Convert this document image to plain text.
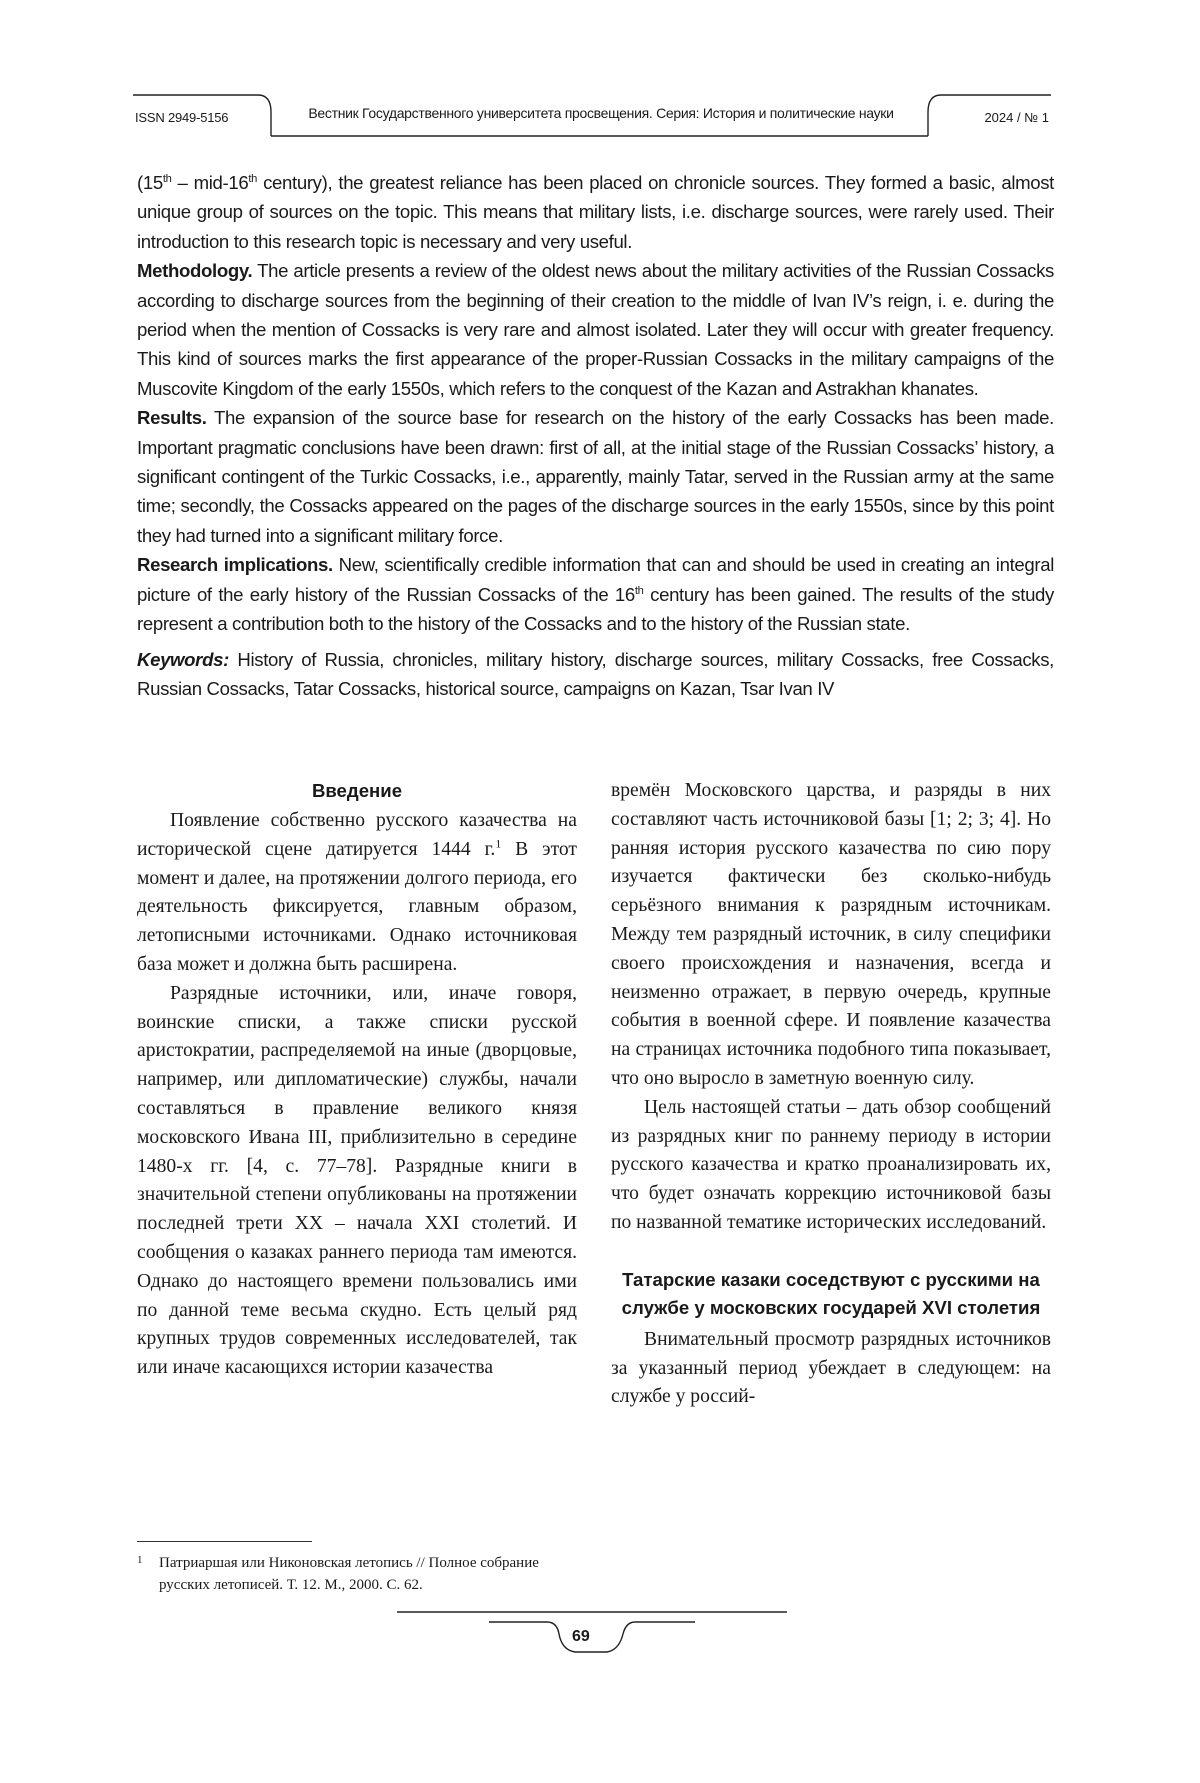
ISSN 2949-5156	Вестник Государственного университета просвещения. Серия: История и политические науки	2024 / № 1

(15th – mid-16th century), the greatest reliance has been placed on chronicle sources. They formed a basic, almost unique group of sources on the topic. This means that military lists, i.e. discharge sources, were rarely used. Their introduction to this research topic is necessary and very useful.

Methodology. The article presents a review of the oldest news about the military activities of the Russian Cossacks according to discharge sources from the beginning of their creation to the middle of Ivan IV’s reign, i. e. during the period when the mention of Cossacks is very rare and almost isolated. Later they will occur with greater frequency. This kind of sources marks the first appearance of the proper-Russian Cossacks in the military campaigns of the Muscovite Kingdom of the early 1550s, which refers to the conquest of the Kazan and Astrakhan khanates.

Results. The expansion of the source base for research on the history of the early Cossacks has been made. Important pragmatic conclusions have been drawn: first of all, at the initial stage of the Russian Cossacks’ history, a significant contingent of the Turkic Cossacks, i.e., apparently, mainly Tatar, served in the Russian army at the same time; secondly, the Cossacks appeared on the pages of the discharge sources in the early 1550s, since by this point they had turned into a significant military force.

Research implications. New, scientifically credible information that can and should be used in creating an integral picture of the early history of the Russian Cossacks of the 16th century has been gained. The results of the study represent a contribution both to the history of the Cossacks and to the history of the Russian state.

Keywords: History of Russia, chronicles, military history, discharge sources, military Cossacks, free Cossacks, Russian Cossacks, Tatar Cossacks, historical source, campaigns on Kazan, Tsar Ivan IV

Введение

Появление собственно русского казачества на исторической сцене датируется 1444 г.$^1$ В этот момент и далее, на протяжении долгого периода, его деятельность фиксируется, главным образом, летописными источниками. Однако источниковая база может и должна быть расширена.

Разрядные источники, или, иначе говоря, воинские списки, а также списки русской аристократии, распределяемой на иные (дворцовые, например, или дипломатические) службы, начали составляться в правление великого князя московского Ивана III, приблизительно в середине 1480-х гг. [4, с. 77–78]. Разрядные книги в значительной степени опубликованы на протяжении последней трети XX – начала XXI столетий. И сообщения о казаках раннего периода там имеются. Однако до настоящего времени пользовались ими по данной теме весьма скудно. Есть целый ряд крупных трудов современных исследователей, так или иначе касающихся истории казачества

времён Московского царства, и разряды в них составляют часть источниковой базы [1; 2; 3; 4]. Но ранняя история русского казачества по сию пору изучается фактически без сколько-нибудь серьёзного внимания к разрядным источникам. Между тем разрядный источник, в силу специфики своего происхождения и назначения, всегда и неизменно отражает, в первую очередь, крупные события в военной сфере. И появление казачества на страницах источника подобного типа показывает, что оно выросло в заметную военную силу.

Цель настоящей статьи – дать обзор сообщений из разрядных книг по раннему периоду в истории русского казачества и кратко проанализировать их, что будет означать коррекцию источниковой базы по названной тематике исторических исследований.

Татарские казаки соседствуют с русскими на службе у московских государей XVI столетия

Внимательный просмотр разрядных источников за указанный период убеждает в следующем: на службе у россий-

1 Патриаршая или Никоновская летопись // Полное собрание русских летописей. Т. 12. М., 2000. С. 62.
69
